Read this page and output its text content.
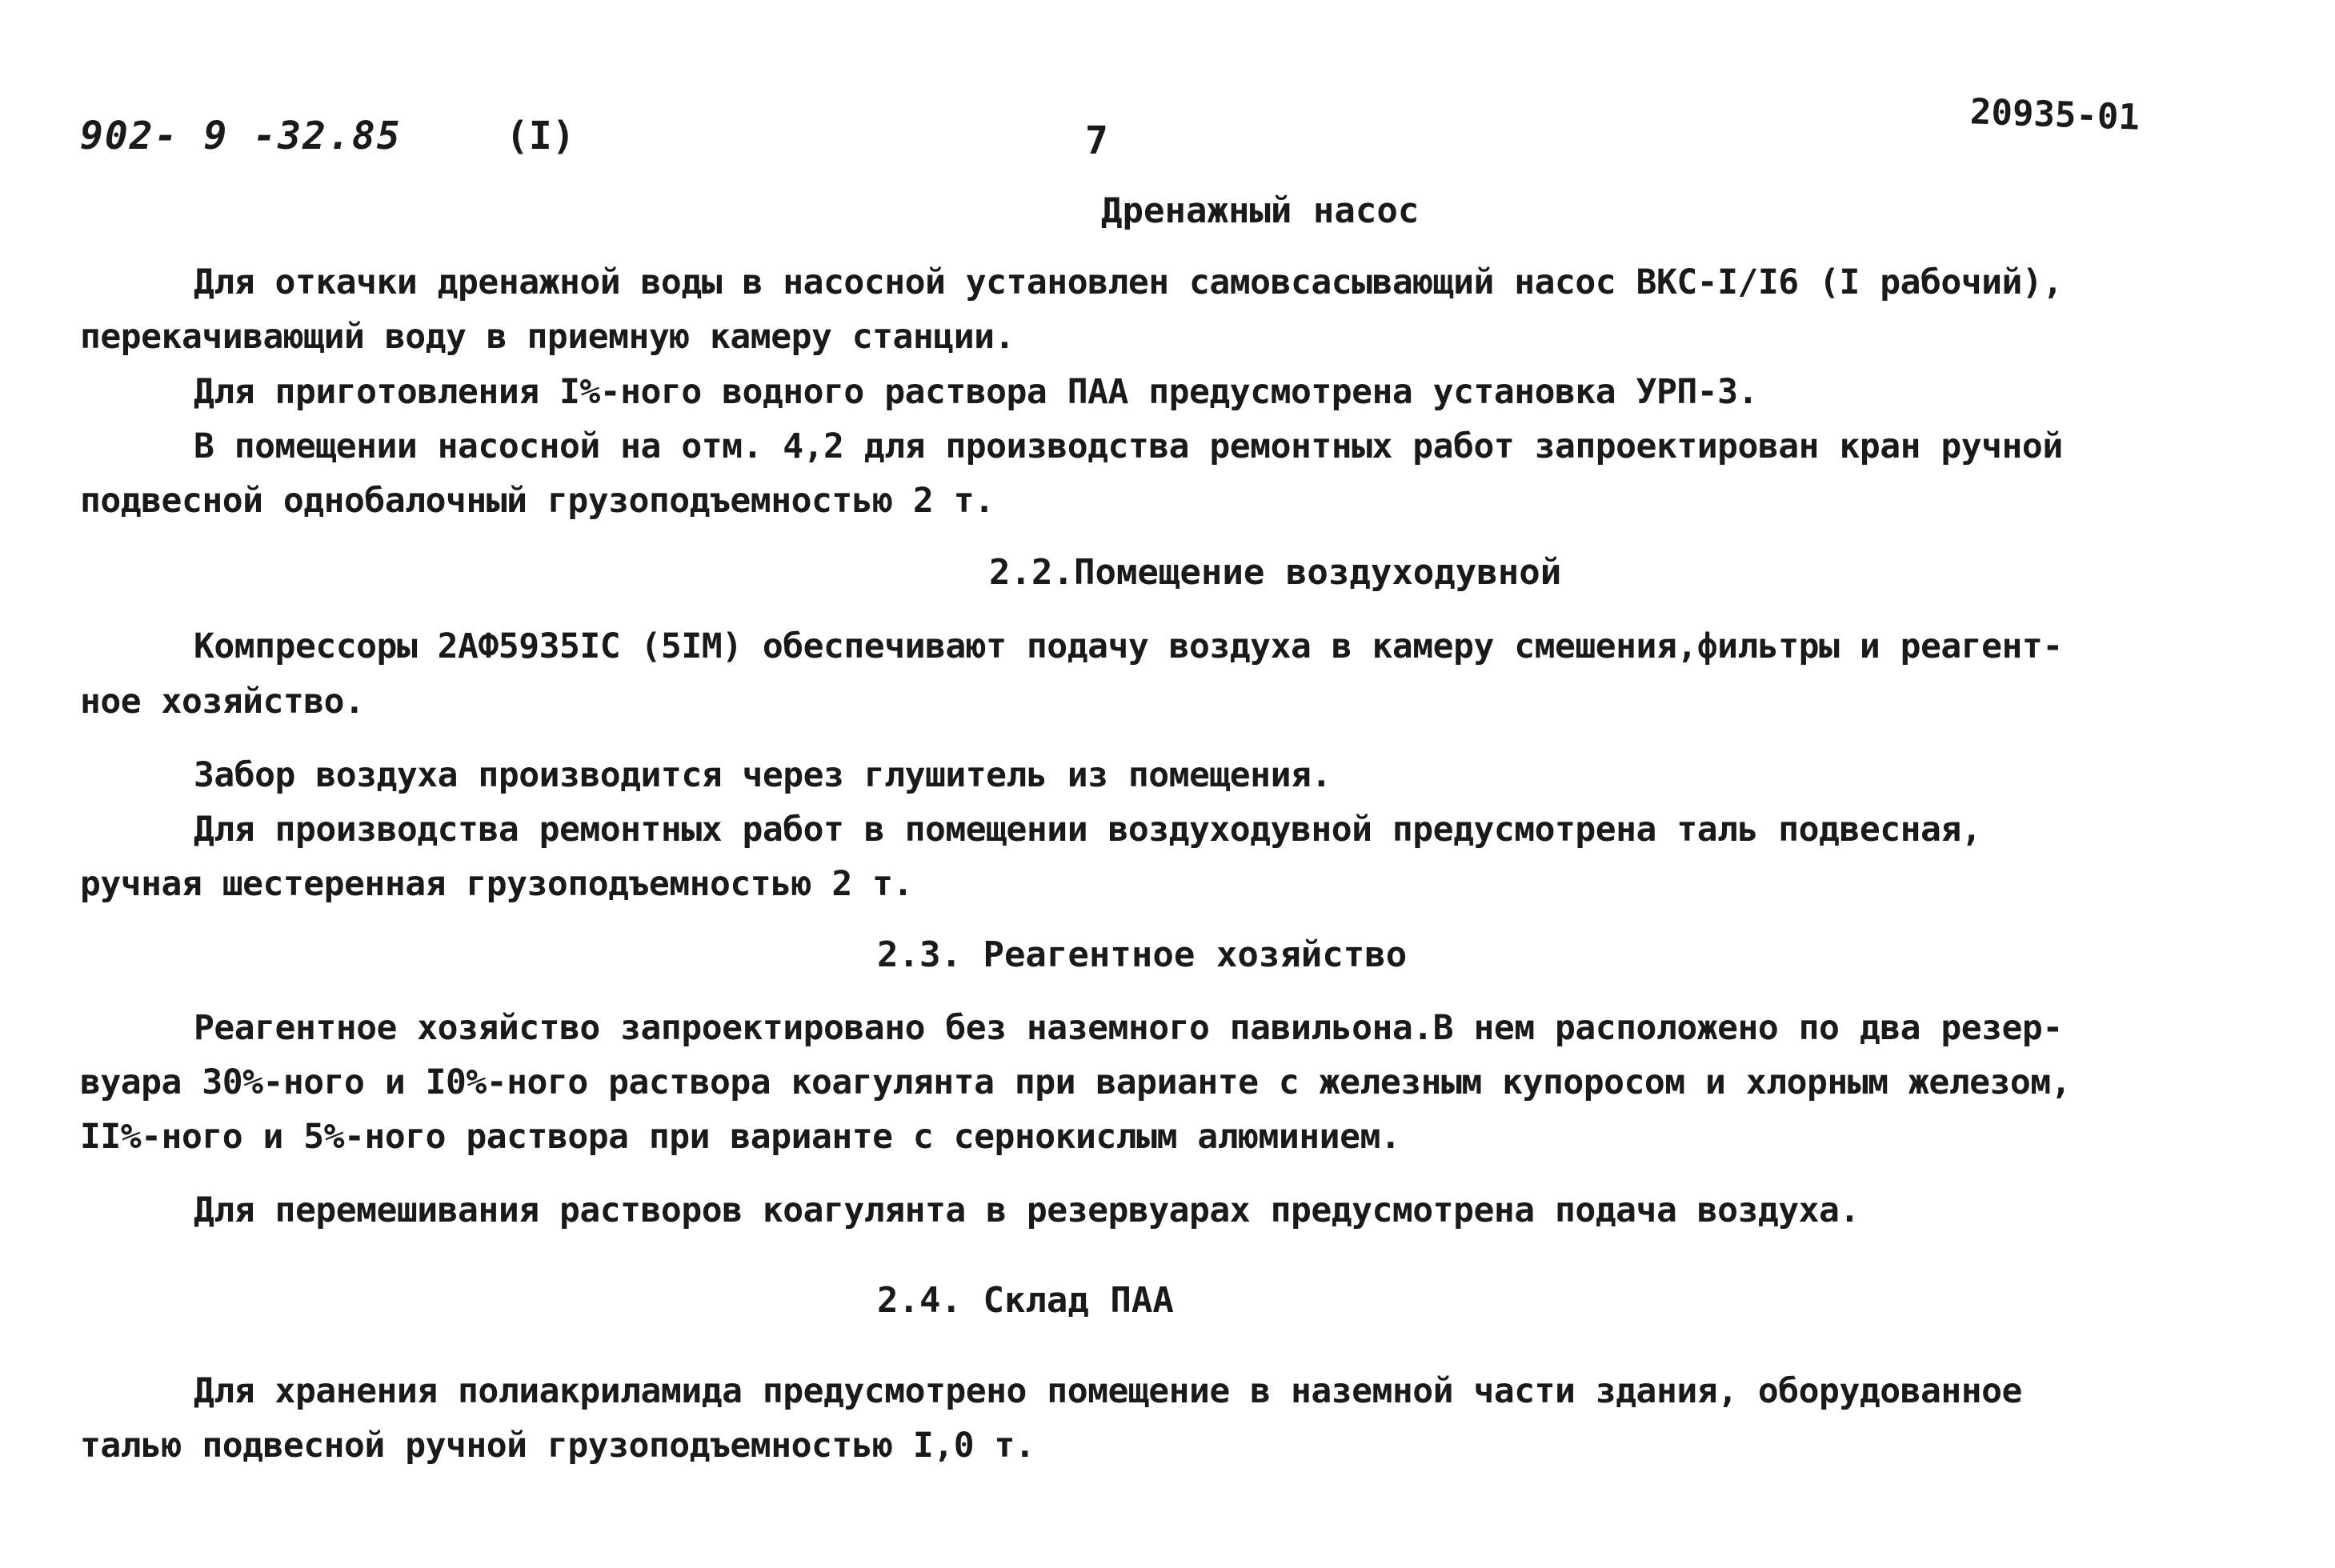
902- 9 -32.85	(I)	7
20935-01
Дренажный насос
Для откачки дренажной воды в насосной установлен самовсасывающий насос ВКС-I/I6 (I рабочий),
перекачивающий воду в приемную камеру станции.
Для приготовления I%-ного водного раствора ПАА предусмотрена установка УРП-3.
В помещении насосной на отм. 4,2 для производства ремонтных работ запроектирован кран ручной
подвесной однобалочный грузоподъемностью 2 т.
2.2.Помещение воздуходувной
Компрессоры 2АФ5935IС (5IМ) обеспечивают подачу воздуха в камеру смешения,фильтры и реагент-
ное хозяйство.
Забор воздуха производится через глушитель из помещения.
Для производства ремонтных работ в помещении воздуходувной предусмотрена таль подвесная,
ручная шестеренная грузоподъемностью 2 т.
2.3. Реагентное хозяйство
Реагентное хозяйство запроектировано без наземного павильона.В нем расположено по два резер-
вуара 30%-ного и I0%-ного раствора коагулянта при варианте с железным купоросом и хлорным железом,
II%-ного и 5%-ного раствора при варианте с сернокислым алюминием.
Для перемешивания растворов коагулянта в резервуарах предусмотрена подача воздуха.
2.4. Склад ПАА
Для хранения полиакриламида предусмотрено помещение в наземной части здания, оборудованное
талью подвесной ручной грузоподъемностью I,0 т.
